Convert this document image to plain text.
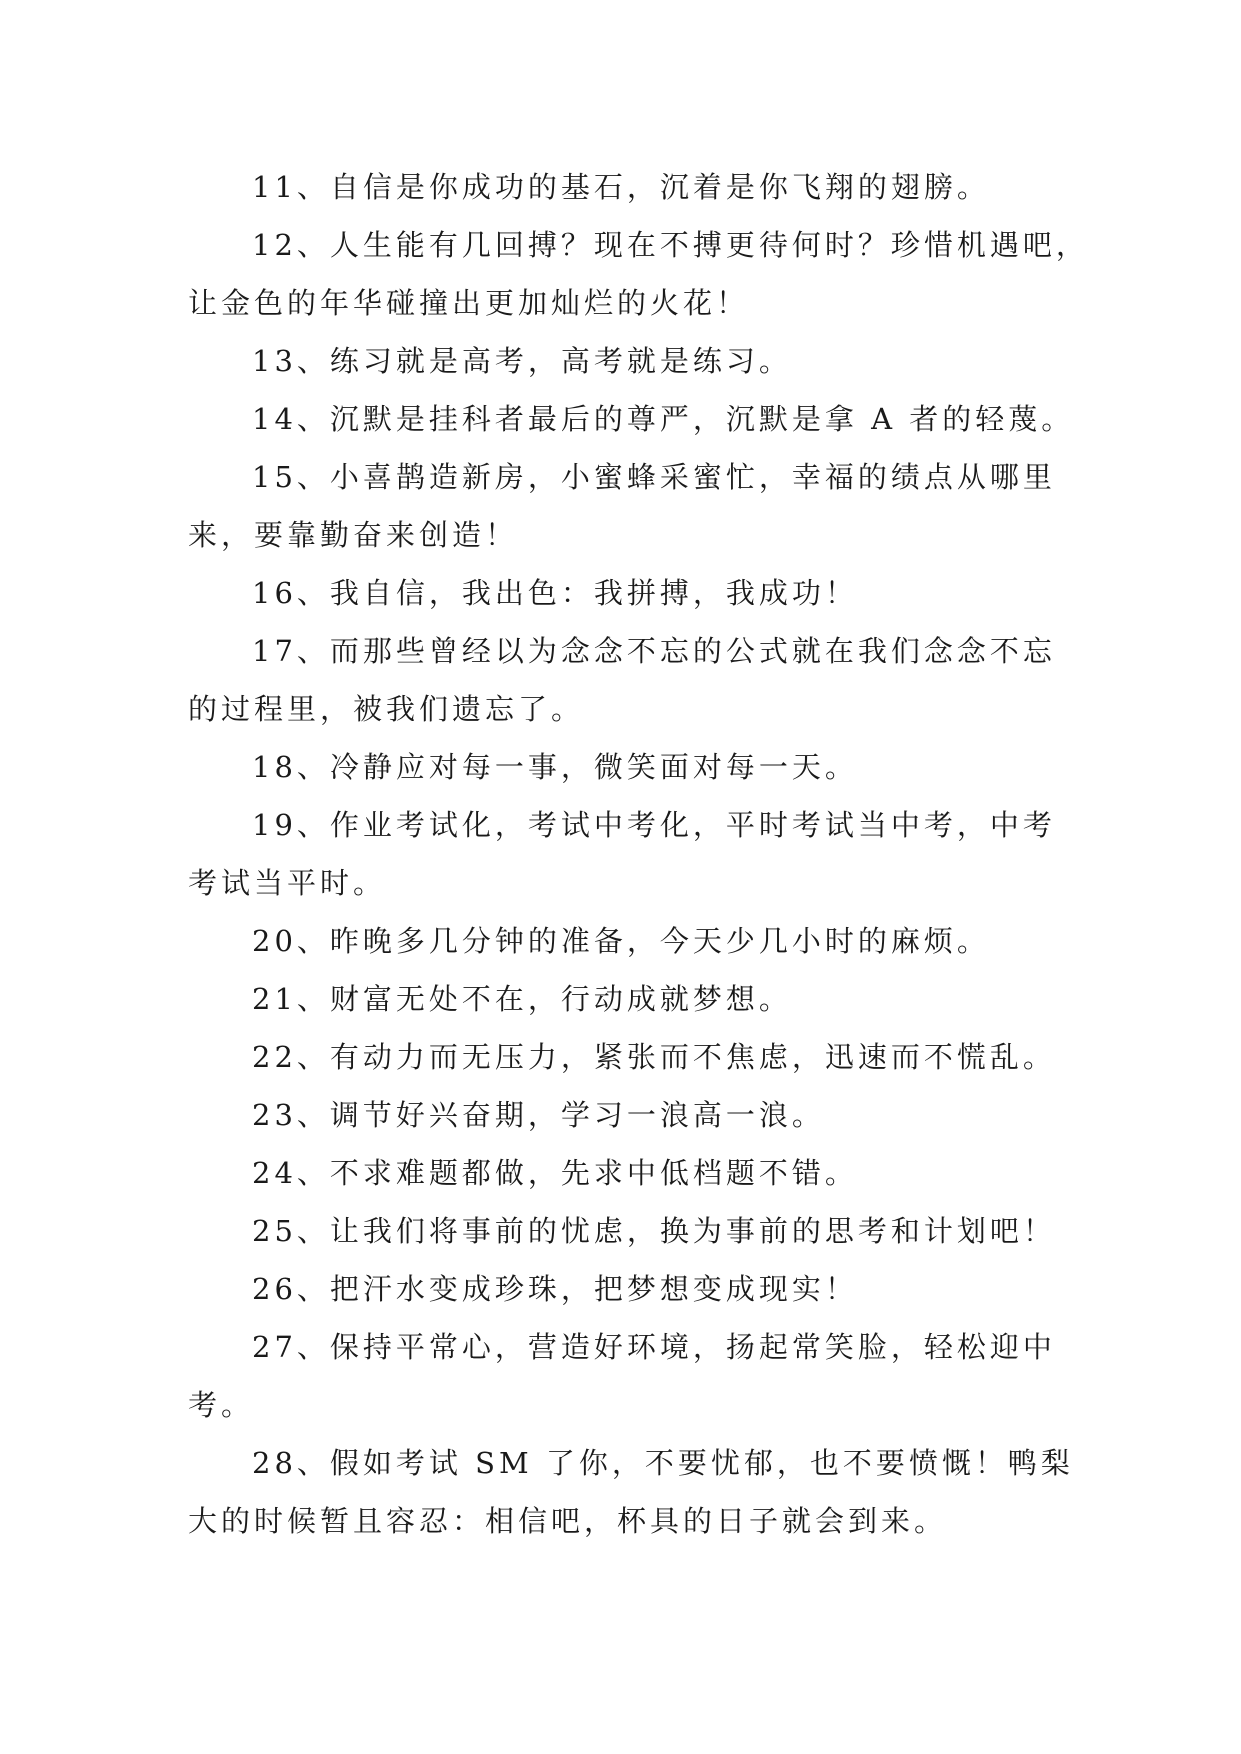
11、自信是你成功的基石，沉着是你飞翔的翅膀。
12、人生能有几回搏？现在不搏更待何时？珍惜机遇吧，
让金色的年华碰撞出更加灿烂的火花！
13、练习就是高考，高考就是练习。
14、沉默是挂科者最后的尊严，沉默是拿 A 者的轻蔑。
15、小喜鹊造新房，小蜜蜂采蜜忙，幸福的绩点从哪里
来，要靠勤奋来创造！
16、我自信，我出色：我拼搏，我成功！
17、而那些曾经以为念念不忘的公式就在我们念念不忘
的过程里，被我们遗忘了。
18、冷静应对每一事，微笑面对每一天。
19、作业考试化，考试中考化，平时考试当中考，中考
考试当平时。
20、昨晚多几分钟的准备，今天少几小时的麻烦。
21、财富无处不在，行动成就梦想。
22、有动力而无压力，紧张而不焦虑，迅速而不慌乱。
23、调节好兴奋期，学习一浪高一浪。
24、不求难题都做，先求中低档题不错。
25、让我们将事前的忧虑，换为事前的思考和计划吧！
26、把汗水变成珍珠，把梦想变成现实！
27、保持平常心，营造好环境，扬起常笑脸，轻松迎中
考。
28、假如考试 SM 了你，不要忧郁，也不要愤慨！鸭梨
大的时候暂且容忍：相信吧，杯具的日子就会到来。
